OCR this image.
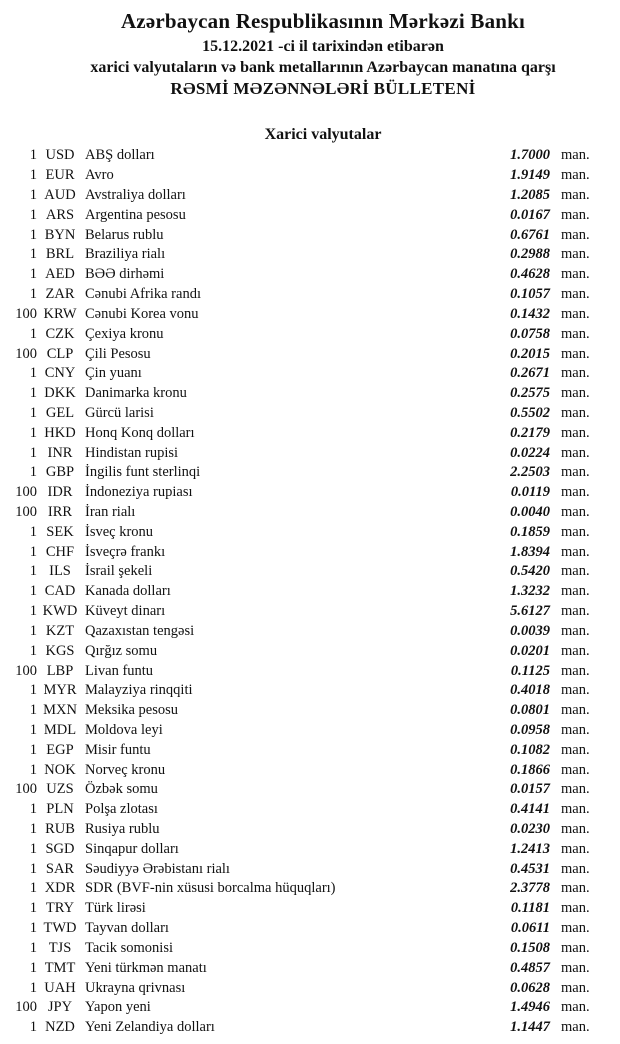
Azərbaycan Respublikasının Mərkəzi Bankı
15.12.2021 -ci il tarixindən etibarən
xarici valyutaların və bank metallarının Azərbaycan manatına qarşı
RƏSMİ MƏZƏNNƏLƏRİ BÜLLETENİ
Xarici valyutalar
1 USD ABŞ dolları	1.7000 man.
1 EUR Avro	1.9149 man.
1 AUD Avstraliya dolları	1.2085 man.
1 ARS Argentina pesosu	0.0167 man.
1 BYN Belarus rublu	0.6761 man.
1 BRL Braziliya rialı	0.2988 man.
1 AED BƏƏ dirhəmi	0.4628 man.
1 ZAR Cənubi Afrika randı	0.1057 man.
100 KRW Cənubi Korea vonu	0.1432 man.
1 CZK Çexiya kronu	0.0758 man.
100 CLP Çili Pesosu	0.2015 man.
1 CNY Çin yuanı	0.2671 man.
1 DKK Danimarka kronu	0.2575 man.
1 GEL Gürcü larisi	0.5502 man.
1 HKD Honq Konq dolları	0.2179 man.
1 INR Hindistan rupisi	0.0224 man.
1 GBP İngilis funt sterlinqi	2.2503 man.
100 IDR İndoneziya rupiası	0.0119 man.
100 IRR İran rialı	0.0040 man.
1 SEK İsveç kronu	0.1859 man.
1 CHF İsveçrə frankı	1.8394 man.
1 ILS İsrail şekeli	0.5420 man.
1 CAD Kanada dolları	1.3232 man.
1 KWD Küveyt dinarı	5.6127 man.
1 KZT Qazaxıstan tengəsi	0.0039 man.
1 KGS Qırğız somu	0.0201 man.
100 LBP Livan funtu	0.1125 man.
1 MYR Malayziya rinqqiti	0.4018 man.
1 MXN Meksika pesosu	0.0801 man.
1 MDL Moldova leyi	0.0958 man.
1 EGP Misir funtu	0.1082 man.
1 NOK Norveç kronu	0.1866 man.
100 UZS Özbək somu	0.0157 man.
1 PLN Polşa zlotası	0.4141 man.
1 RUB Rusiya rublu	0.0230 man.
1 SGD Sinqapur dolları	1.2413 man.
1 SAR Səudiyyə Ərəbistanı rialı	0.4531 man.
1 XDR SDR (BVF-nin xüsusi borcalma hüquqları)	2.3778 man.
1 TRY Türk lirəsi	0.1181 man.
1 TWD Tayvan dolları	0.0611 man.
1 TJS Tacik somonisi	0.1508 man.
1 TMT Yeni türkmən manatı	0.4857 man.
1 UAH Ukrayna qrivnası	0.0628 man.
100 JPY Yapon yeni	1.4946 man.
1 NZD Yeni Zelandiya dolları	1.1447 man.
